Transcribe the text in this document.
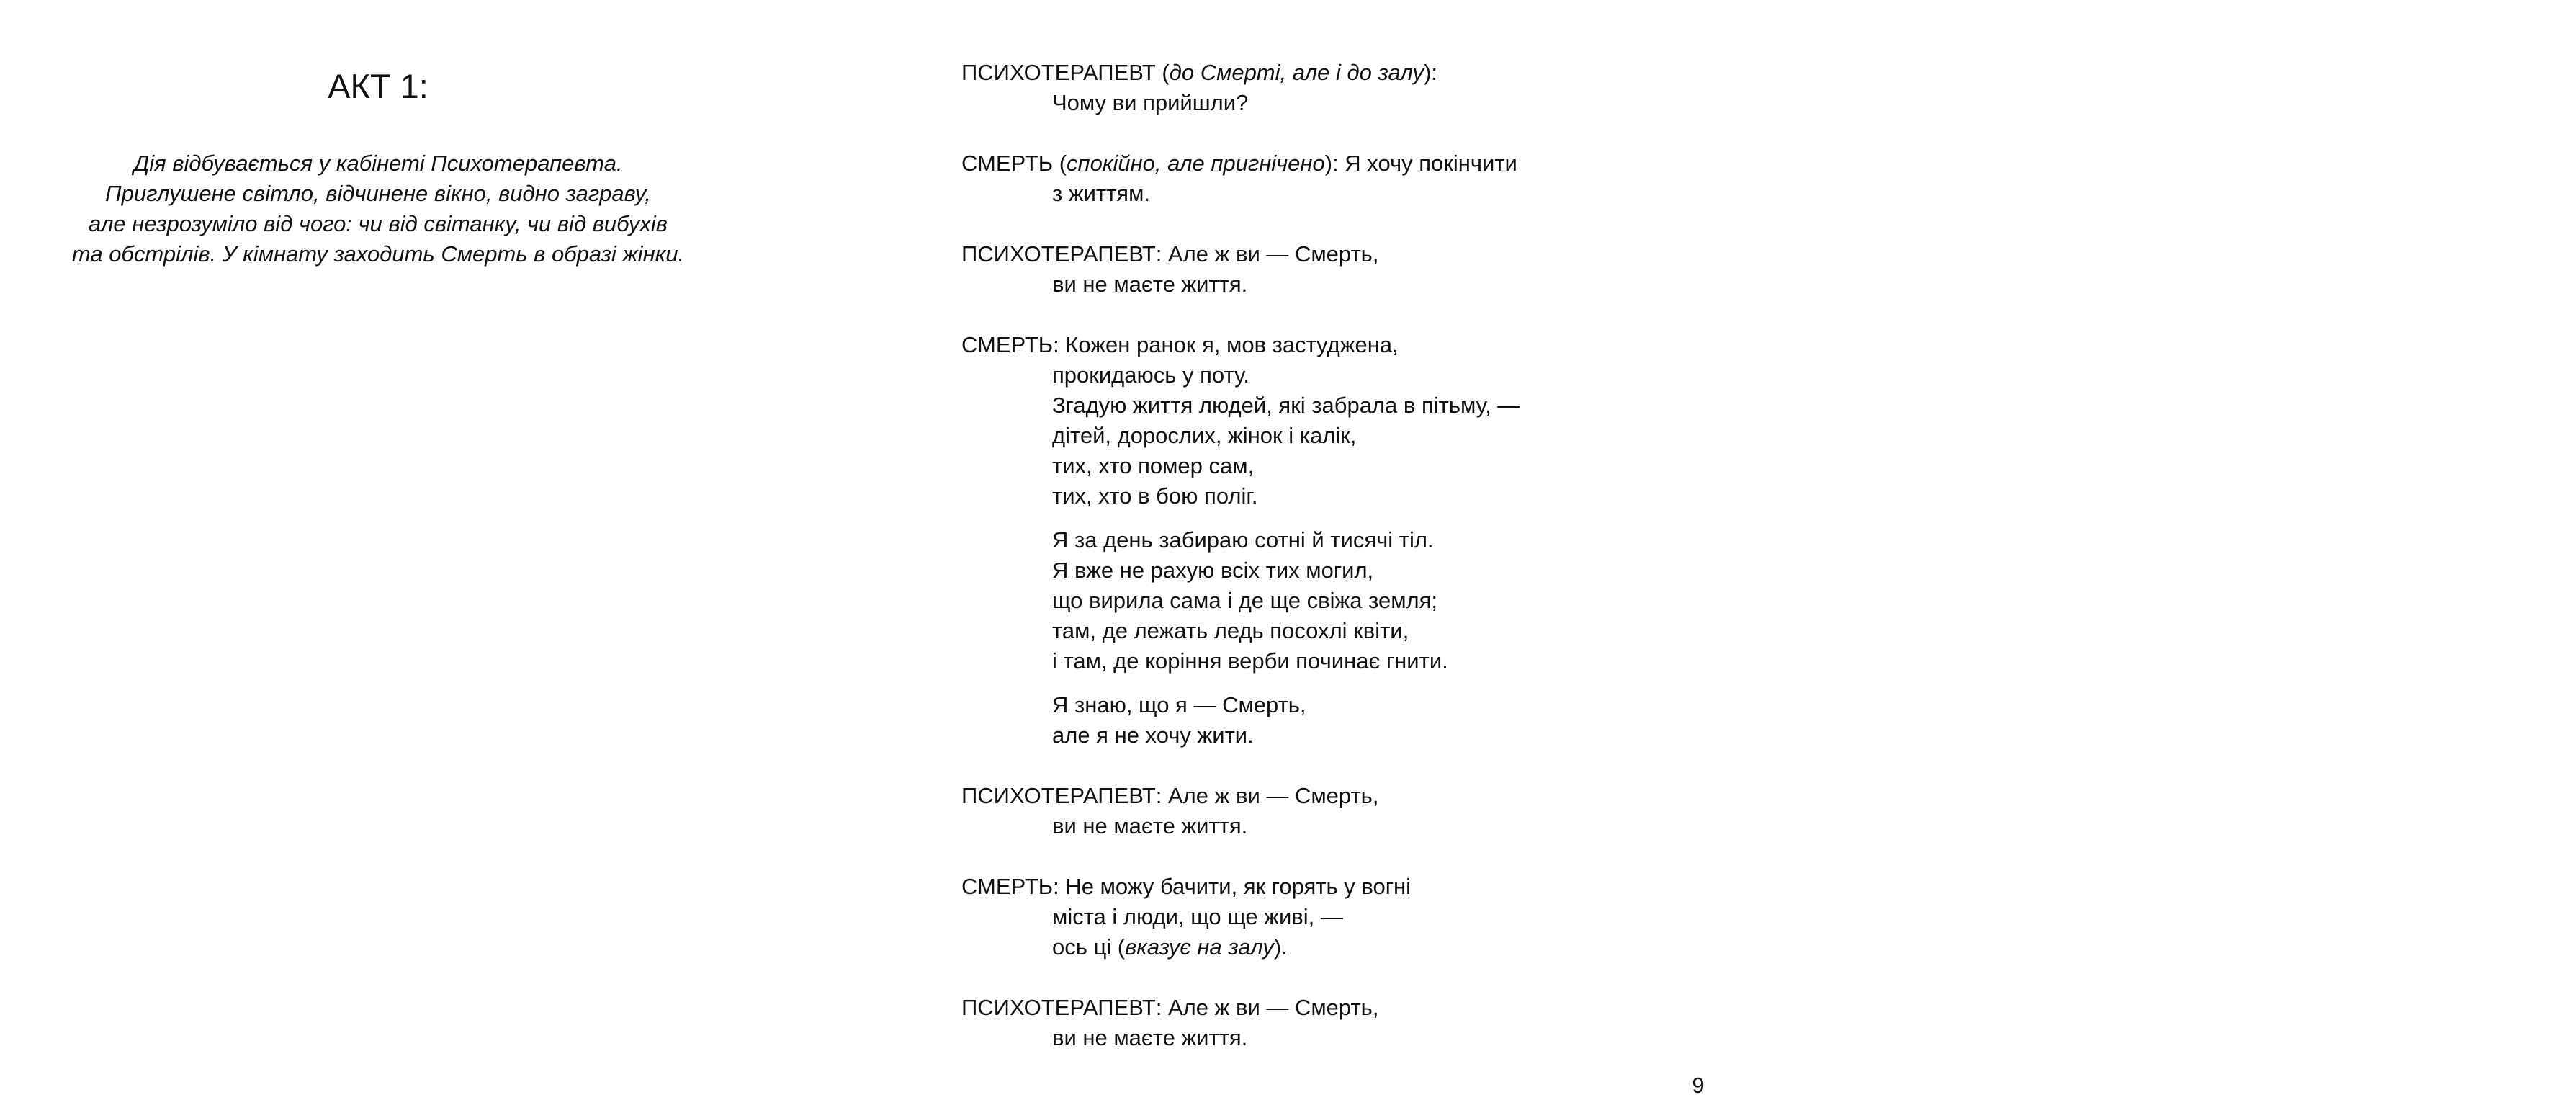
АКТ 1:

Дія відбувається у кабінеті Психотерапевта.
Приглушене світло, відчинене вікно, видно заграву,
але незрозуміло від чого: чи від світанку, чи від вибухів
та обстрілів. У кімнату заходить Смерть в образі жінки.

ПСИХОТЕРАПЕВТ (до Смерті, але і до залу):
Чому ви прийшли?
СМЕРТЬ (спокійно, але пригнічено): Я хочу покінчити
з життям.
ПСИХОТЕРАПЕВТ: Але ж ви — Смерть,
ви не маєте життя.
СМЕРТЬ: Кожен ранок я, мов застуджена,
прокидаюсь у поту.
Згадую життя людей, які забрала в пітьму, —
дітей, дорослих, жінок і калік,
тих, хто помер сам,
тих, хто в бою поліг.
Я за день забираю сотні й тисячі тіл.
Я вже не рахую всіх тих могил,
що вирила сама і де ще свіжа земля;
там, де лежать ледь посохлі квіти,
і там, де коріння верби починає гнити.
Я знаю, що я — Смерть,
але я не хочу жити.
ПСИХОТЕРАПЕВТ: Але ж ви — Смерть,
ви не маєте життя.
СМЕРТЬ: Не можу бачити, як горять у вогні
міста і люди, що ще живі, —
ось ці (вказує на залу).
ПСИХОТЕРАПЕВТ: Але ж ви — Смерть,
ви не маєте життя.

9
